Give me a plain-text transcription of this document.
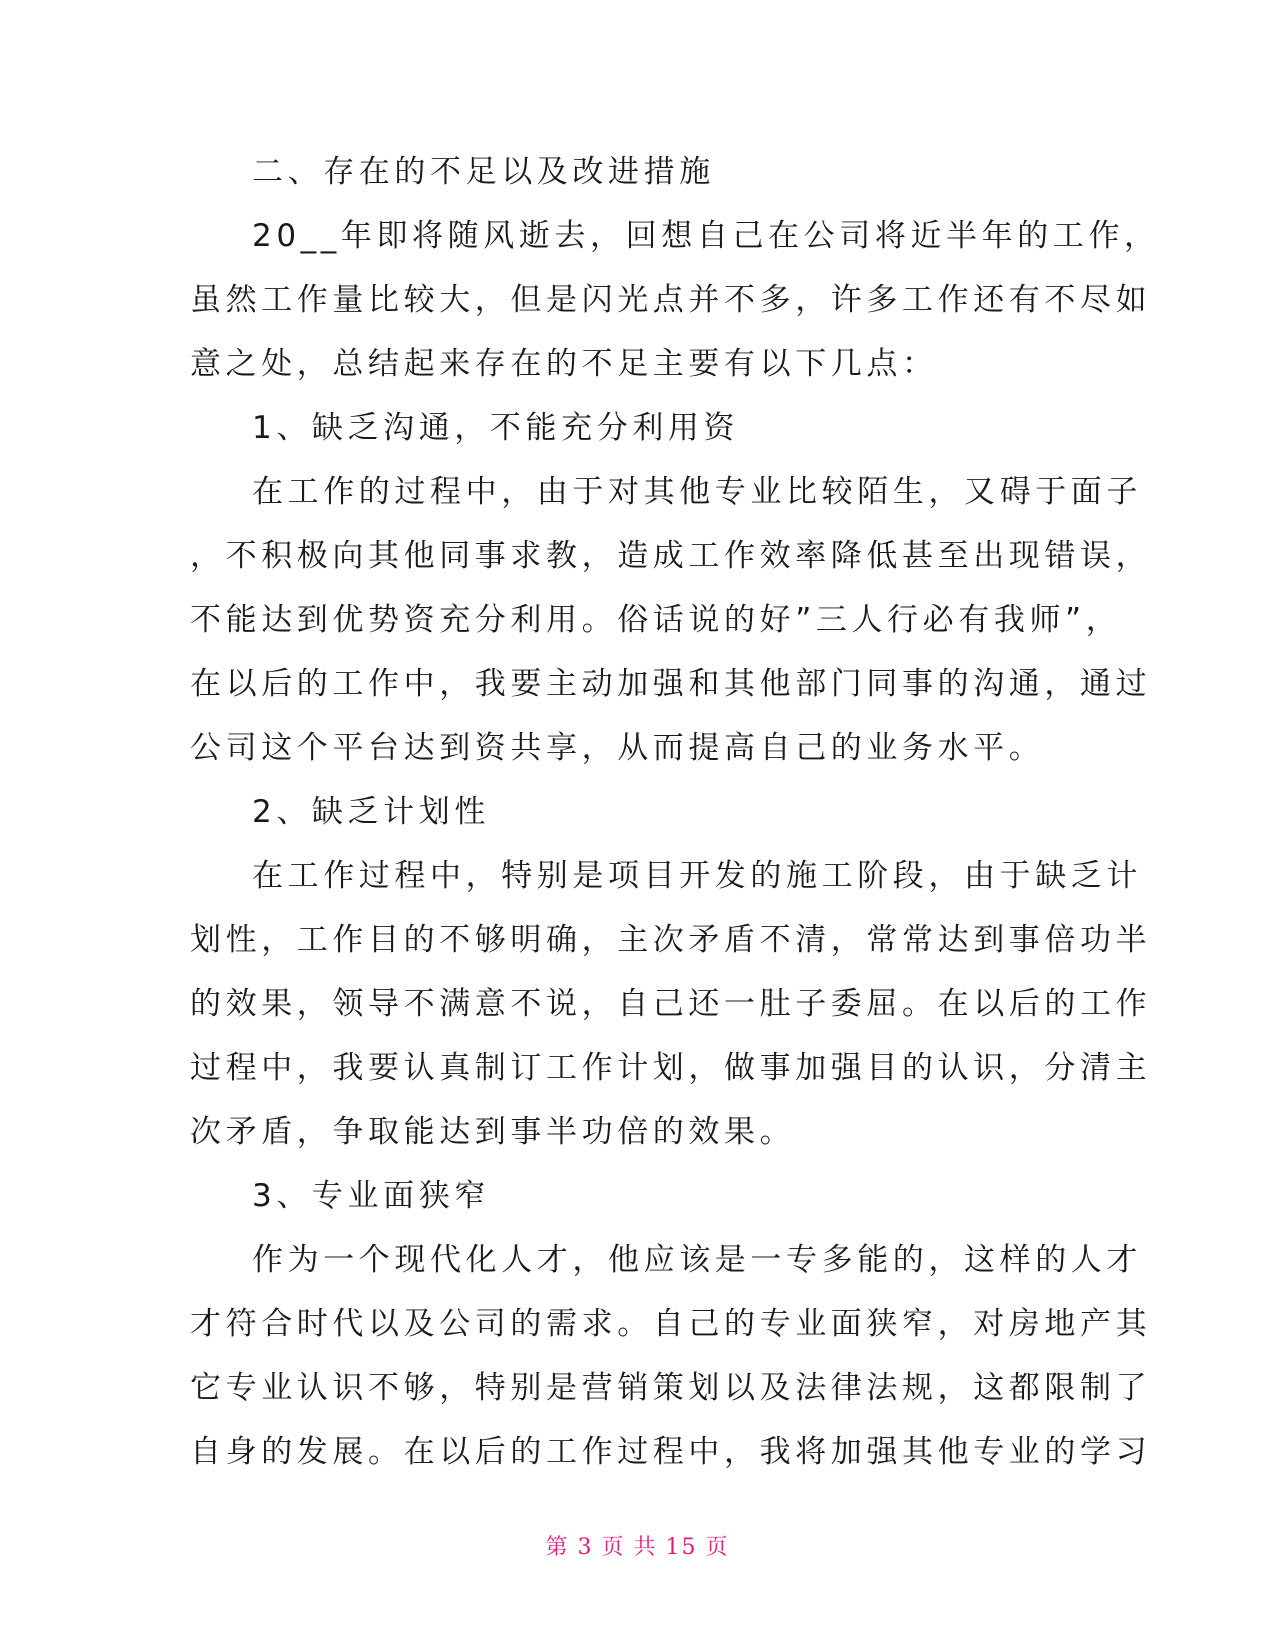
二、存在的不足以及改进措施

20__年即将随风逝去，回想自己在公司将近半年的工作，

虽然工作量比较大，但是闪光点并不多，许多工作还有不尽如

意之处，总结起来存在的不足主要有以下几点：

1、缺乏沟通，不能充分利用资

在工作的过程中，由于对其他专业比较陌生，又碍于面子

，不积极向其他同事求教，造成工作效率降低甚至出现错误，

不能达到优势资充分利用。俗话说的好”三人行必有我师”，

在以后的工作中，我要主动加强和其他部门同事的沟通，通过

公司这个平台达到资共享，从而提高自己的业务水平。

2、缺乏计划性

在工作过程中，特别是项目开发的施工阶段，由于缺乏计

划性，工作目的不够明确，主次矛盾不清，常常达到事倍功半

的效果，领导不满意不说，自己还一肚子委屈。在以后的工作

过程中，我要认真制订工作计划，做事加强目的认识，分清主

次矛盾，争取能达到事半功倍的效果。

3、专业面狭窄

作为一个现代化人才，他应该是一专多能的，这样的人才

才符合时代以及公司的需求。自己的专业面狭窄，对房地产其

它专业认识不够，特别是营销策划以及法律法规，这都限制了

自身的发展。在以后的工作过程中，我将加强其他专业的学习

第 3 页 共 15 页
